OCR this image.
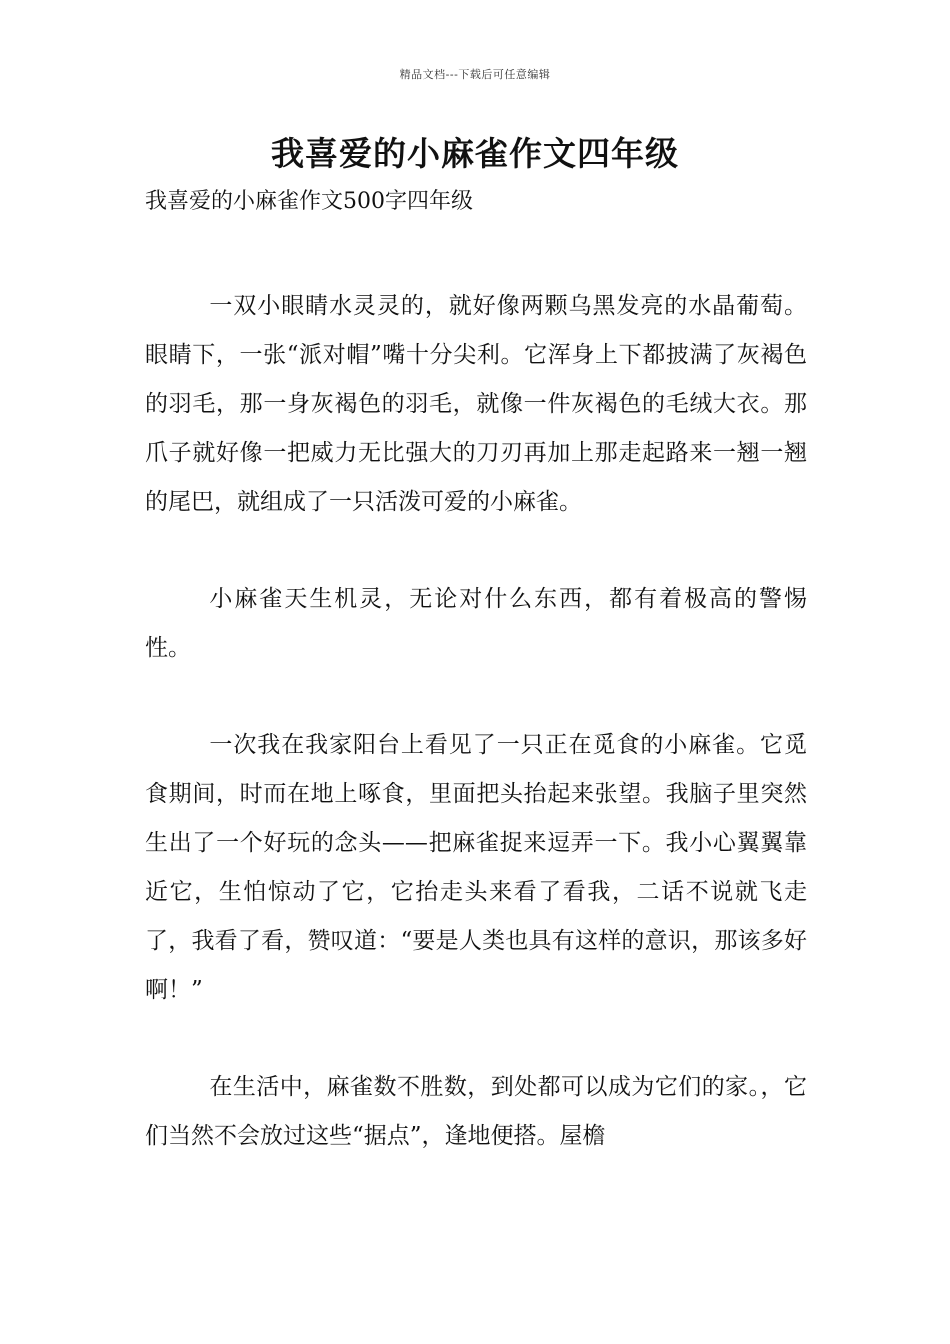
精品文档---下载后可任意编辑
我喜爱的小麻雀作文四年级
我喜爱的小麻雀作文500字四年级

一双小眼睛水灵灵的，就好像两颗乌黑发亮的水晶葡萄。眼睛下，一张“派对帽”嘴十分尖利。它浑身上下都披满了灰褐色的羽毛，那一身灰褐色的羽毛，就像一件灰褐色的毛绒大衣。那爪子就好像一把威力无比强大的刀刃再加上那走起路来一翘一翘的尾巴，就组成了一只活泼可爱的小麻雀。

小麻雀天生机灵，无论对什么东西，都有着极高的警惕性。

一次我在我家阳台上看见了一只正在觅食的小麻雀。它觅食期间，时而在地上啄食，里面把头抬起来张望。我脑子里突然生出了一个好玩的念头——把麻雀捉来逗弄一下。我小心翼翼靠近它，生怕惊动了它，它抬走头来看了看我，二话不说就飞走了，我看了看，赞叹道：“要是人类也具有这样的意识，那该多好啊！”

在生活中，麻雀数不胜数，到处都可以成为它们的家。，它们当然不会放过这些“据点”，逢地便搭。屋檐
